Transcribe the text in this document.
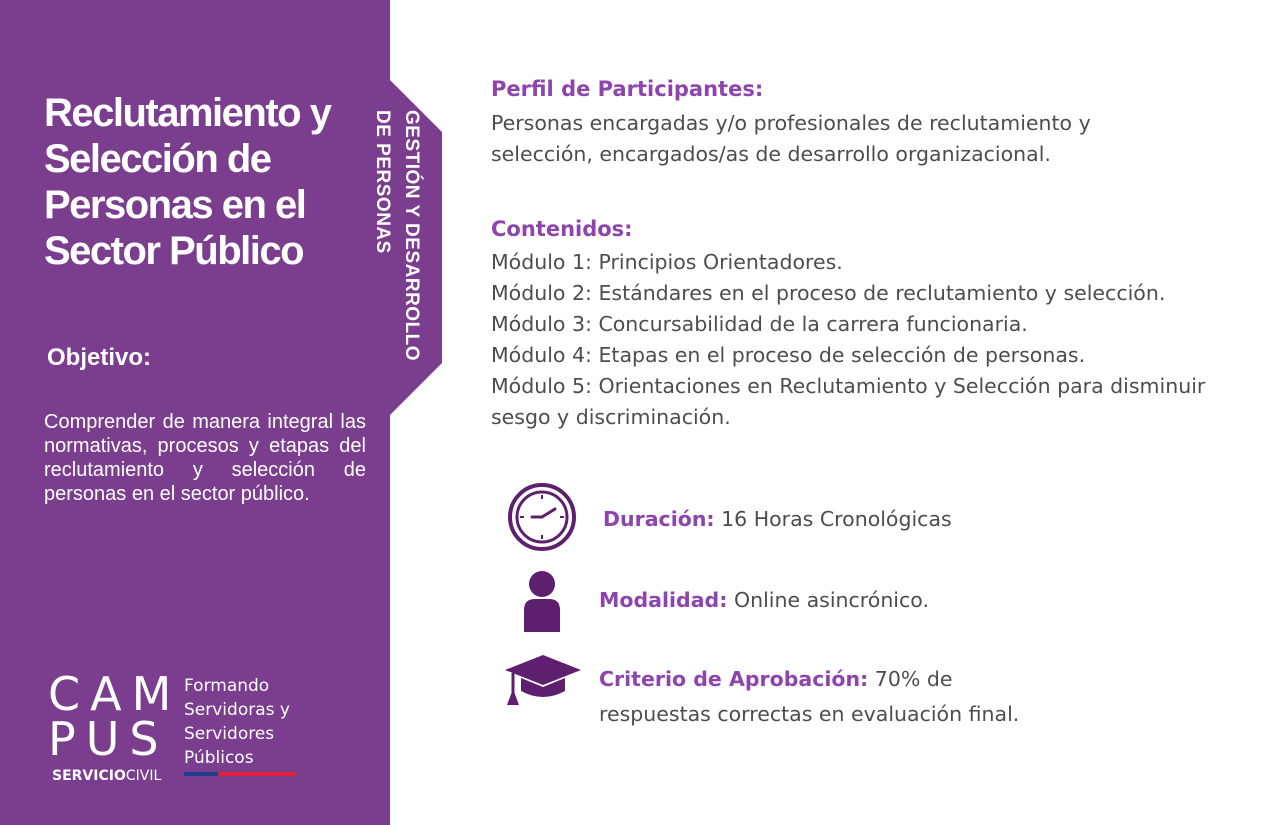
Reclutamiento y
Selección de
Personas en el
Sector Público	GESTIÓN Y DESARROLLO
DE PERSONAS
Objetivo:

Comprender de manera integral las normativas, procesos y etapas del reclutamiento y selección de personas en el sector público.

CAM
PUS
SERVICIOCIVIL
Formando
Servidoras y
Servidores
Públicos
Perfil de Participantes:

Personas encargadas y/o profesionales de reclutamiento y selección, encargados/as de desarrollo organizacional.

Contenidos:
Módulo 1: Principios Orientadores.
Módulo 2: Estándares en el proceso de reclutamiento y selección.
Módulo 3: Concursabilidad de la carrera funcionaria.
Módulo 4: Etapas en el proceso de selección de personas.
Módulo 5: Orientaciones en Reclutamiento y Selección para disminuir sesgo y discriminación.
Duración: 16 Horas Cronológicas
Modalidad: Online asincrónico.
Criterio de Aprobación: 70% de
respuestas correctas en evaluación final.
